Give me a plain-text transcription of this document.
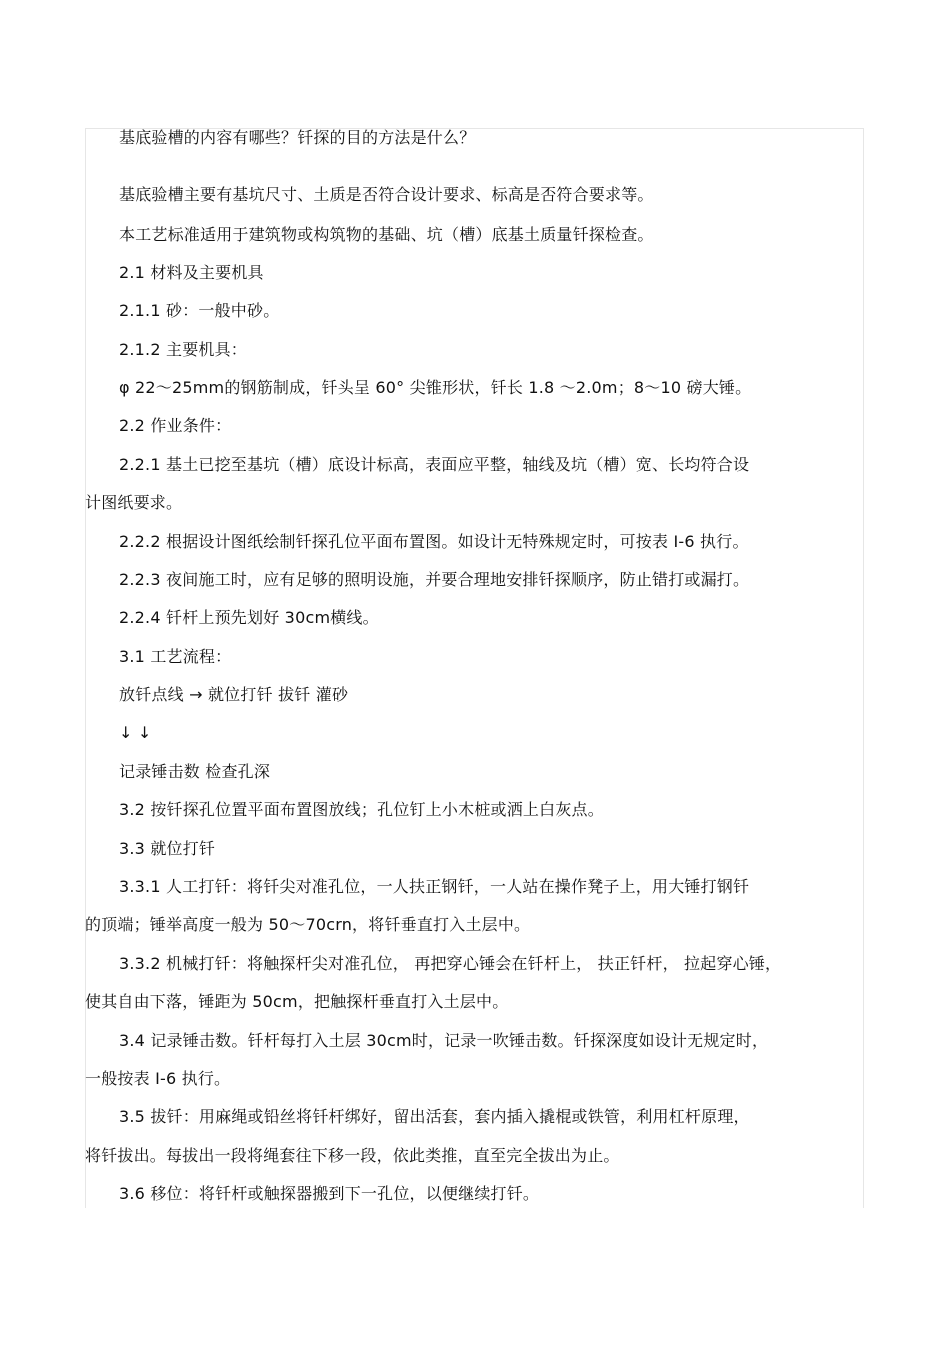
基底验槽的内容有哪些？钎探的目的方法是什么？
基底验槽主要有基坑尺寸、土质是否符合设计要求、标高是否符合要求等。
本工艺标准适用于建筑物或构筑物的基础、坑（槽）底基土质量钎探检查。
2.1 材料及主要机具
2.1.1 砂：一般中砂。
2.1.2 主要机具：
φ 22～25mm的钢筋制成，钎头呈 60° 尖锥形状，钎长 1.8 ～2.0m；8～10 磅大锤。
2.2 作业条件：
2.2.1 基土已挖至基坑（槽）底设计标高，表面应平整，轴线及坑（槽）宽、长均符合设
计图纸要求。
2.2.2 根据设计图纸绘制钎探孔位平面布置图。如设计无特殊规定时，可按表 I-6 执行。
2.2.3 夜间施工时，应有足够的照明设施，并要合理地安排钎探顺序，防止错打或漏打。
2.2.4 钎杆上预先划好 30cm横线。
3.1 工艺流程：
放钎点线 → 就位打钎 拔钎 灌砂
↓ ↓
记录锤击数 检查孔深
3.2 按钎探孔位置平面布置图放线；孔位钉上小木桩或洒上白灰点。
3.3 就位打钎
3.3.1 人工打钎：将钎尖对准孔位，一人扶正钢钎，一人站在操作凳子上，用大锤打钢钎
的顶端；锤举高度一般为 50～70crn，将钎垂直打入土层中。
3.3.2 机械打钎：将触探杆尖对准孔位， 再把穿心锤会在钎杆上， 扶正钎杆， 拉起穿心锤，
使其自由下落，锤距为 50cm，把触探杆垂直打入土层中。
3.4 记录锤击数。钎杆每打入土层 30cm时，记录一吹锤击数。钎探深度如设计无规定时，
一般按表 I-6 执行。
3.5 拔钎：用麻绳或铅丝将钎杆绑好，留出活套，套内插入撬棍或铁管，利用杠杆原理，
将钎拔出。每拔出一段将绳套往下移一段，依此类推，直至完全拔出为止。
3.6 移位：将钎杆或触探器搬到下一孔位，以便继续打钎。
